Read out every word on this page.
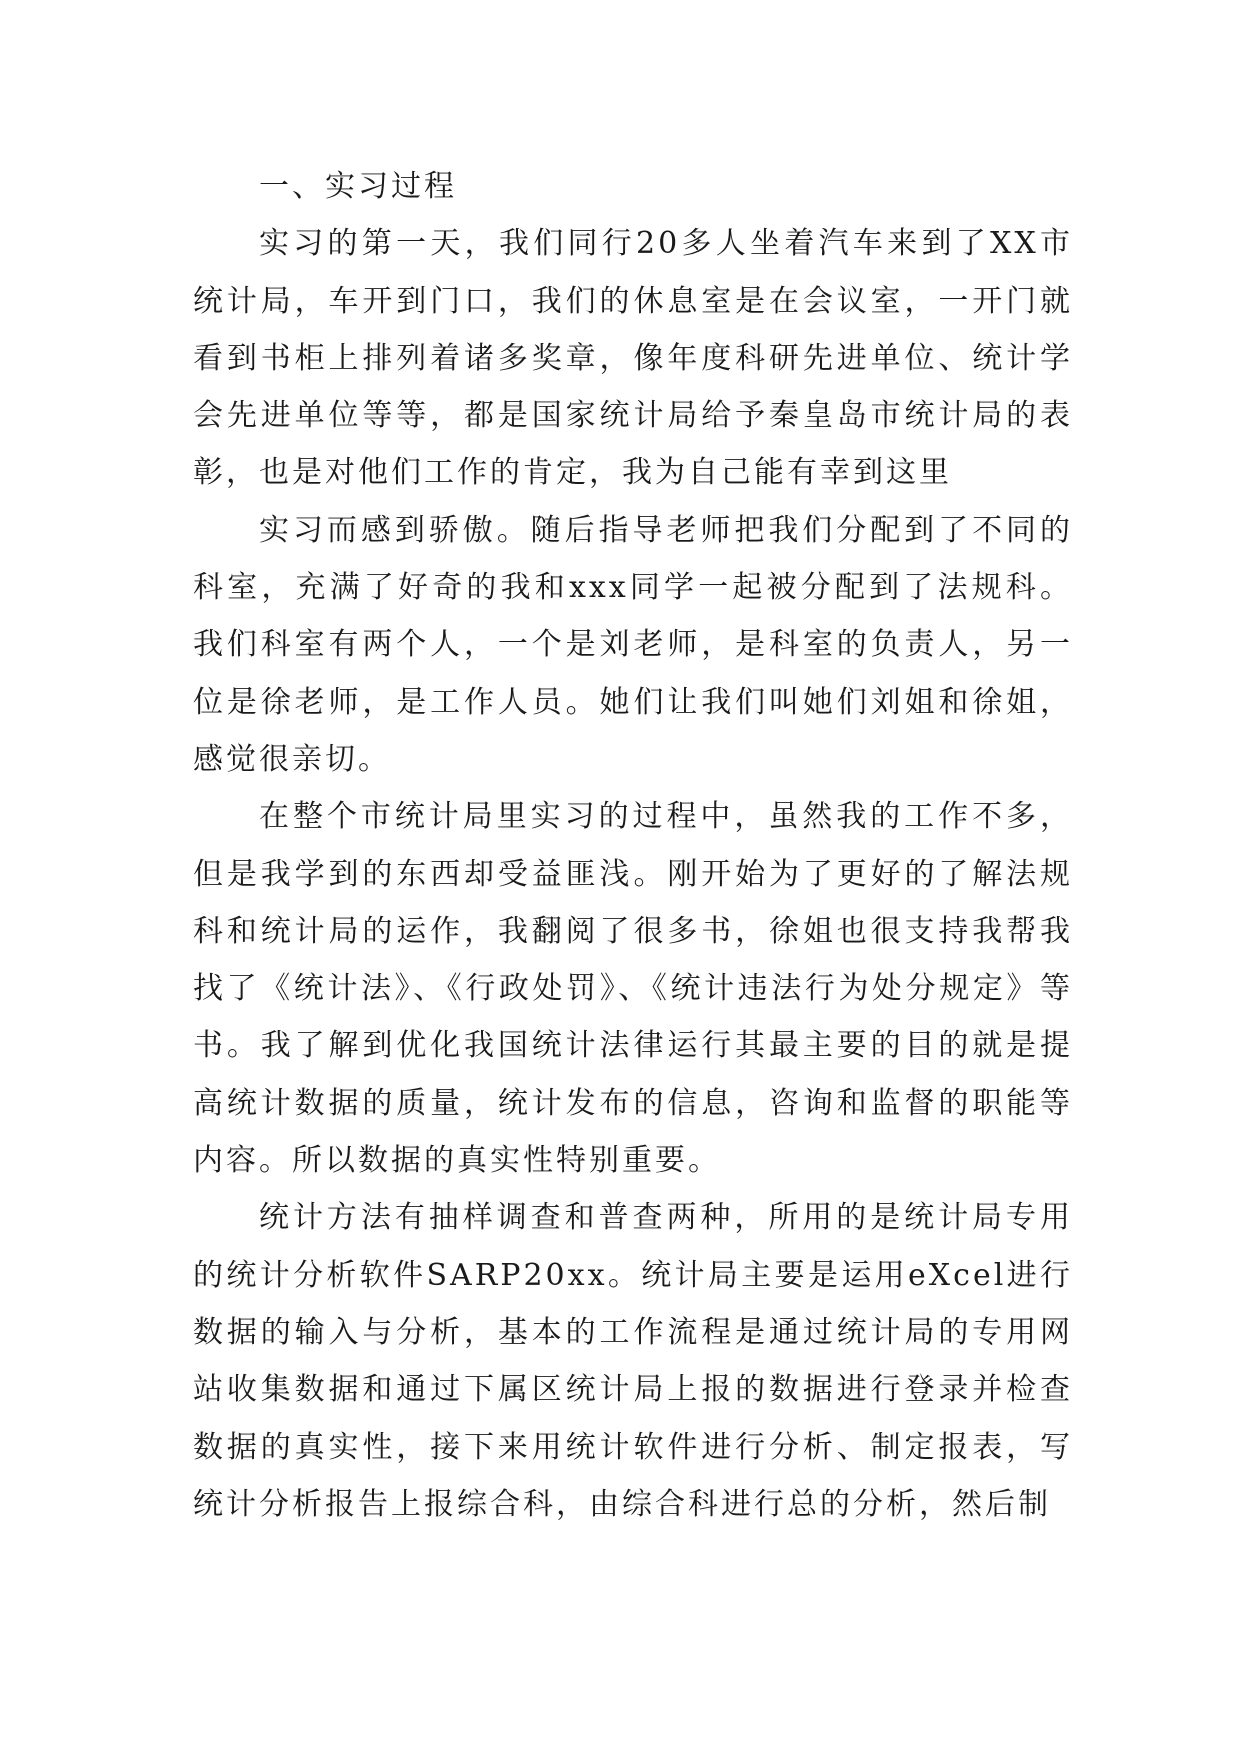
一、实习过程

实习的第一天，我们同行20多人坐着汽车来到了XX市统计局，车开到门口，我们的休息室是在会议室，一开门就看到书柜上排列着诸多奖章，像年度科研先进单位、统计学会先进单位等等，都是国家统计局给予秦皇岛市统计局的表彰，也是对他们工作的肯定，我为自己能有幸到这里

实习而感到骄傲。随后指导老师把我们分配到了不同的科室，充满了好奇的我和xxx同学一起被分配到了法规科。我们科室有两个人，一个是刘老师，是科室的负责人，另一位是徐老师，是工作人员。她们让我们叫她们刘姐和徐姐，感觉很亲切。

在整个市统计局里实习的过程中，虽然我的工作不多，但是我学到的东西却受益匪浅。刚开始为了更好的了解法规科和统计局的运作，我翻阅了很多书，徐姐也很支持我帮我找了《统计法》、《行政处罚》、《统计违法行为处分规定》等书。我了解到优化我国统计法律运行其最主要的目的就是提高统计数据的质量，统计发布的信息，咨询和监督的职能等内容。所以数据的真实性特别重要。

统计方法有抽样调查和普查两种，所用的是统计局专用的统计分析软件SARP20xx。统计局主要是运用eXcel进行数据的输入与分析，基本的工作流程是通过统计局的专用网站收集数据和通过下属区统计局上报的数据进行登录并检查数据的真实性，接下来用统计软件进行分析、制定报表，写统计分析报告上报综合科，由综合科进行总的分析，然后制
